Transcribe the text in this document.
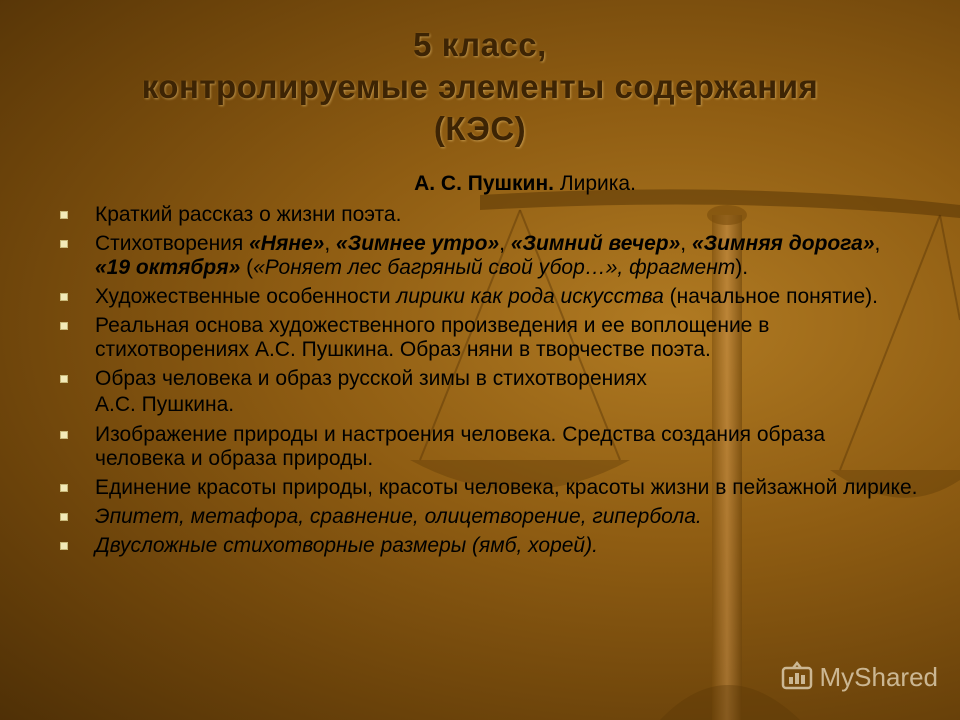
5 класс,
контролируемые элементы содержания
(КЭС)
А. С. Пушкин. Лирика.
Краткий рассказ о жизни поэта.
Стихотворения «Няне», «Зимнее утро», «Зимний вечер», «Зимняя дорога», «19 октября» («Роняет лес багряный свой убор…», фрагмент).
Художественные особенности лирики как рода искусства (начальное понятие).
Реальная основа художественного произведения и ее воплощение в стихотворениях А.С. Пушкина. Образ няни в творчестве поэта.
Образ человека и образ русской зимы в стихотворениях
А.С. Пушкина.
Изображение природы и настроения человека. Средства создания образа человека и образа природы.
Единение красоты природы, красоты человека, красоты жизни в пейзажной лирике.
Эпитет, метафора, сравнение, олицетворение, гипербола.
Двусложные стихотворные размеры (ямб, хорей).
MyShared
